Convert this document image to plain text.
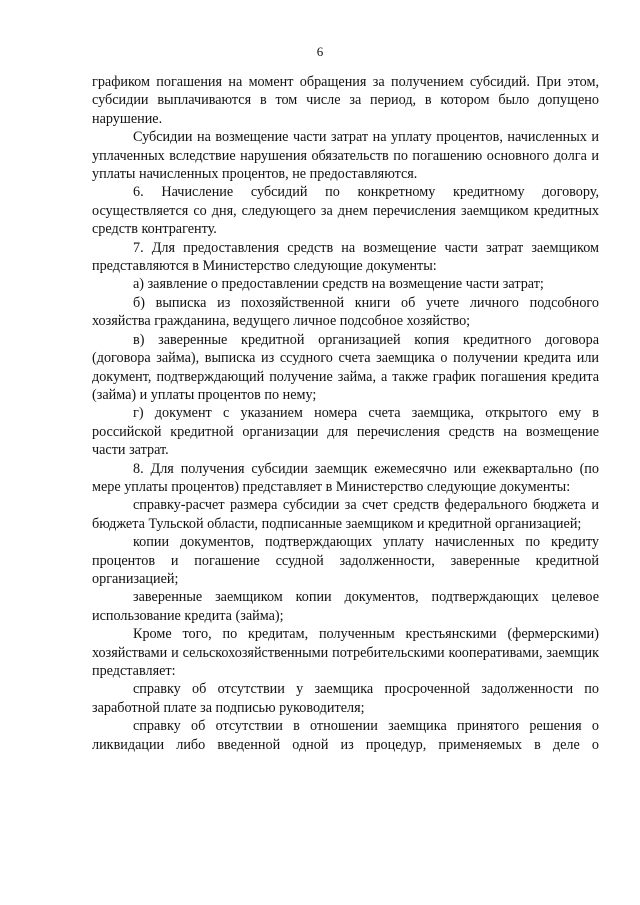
6

графиком погашения на момент обращения за получением субсидий. При этом, субсидии выплачиваются в том числе за период, в котором было допущено нарушение.

Субсидии на возмещение части затрат на уплату процентов, начисленных и уплаченных вследствие нарушения обязательств по погашению основного долга и уплаты начисленных процентов, не предоставляются.

6. Начисление субсидий по конкретному кредитному договору, осуществляется со дня, следующего за днем перечисления заемщиком кредитных средств контрагенту.

7. Для предоставления средств на возмещение части затрат заемщиком представляются в Министерство следующие документы:

а) заявление о предоставлении средств на возмещение части затрат;

б) выписка из похозяйственной книги об учете личного подсобного хозяйства гражданина, ведущего личное подсобное хозяйство;

в) заверенные кредитной организацией копия кредитного договора (договора займа), выписка из ссудного счета заемщика о получении кредита или документ, подтверждающий получение займа, а также график погашения кредита (займа) и уплаты процентов по нему;

г) документ с указанием номера счета заемщика, открытого ему в российской кредитной организации для перечисления средств на возмещение части затрат.

8. Для получения субсидии заемщик ежемесячно или ежеквартально (по мере уплаты процентов) представляет в Министерство следующие документы:

справку-расчет размера субсидии за счет средств федерального бюджета и бюджета Тульской области, подписанные заемщиком и кредитной организацией;

копии документов, подтверждающих уплату начисленных по кредиту процентов и погашение ссудной задолженности, заверенные кредитной организацией;

заверенные заемщиком копии документов, подтверждающих целевое использование кредита (займа);

Кроме того, по кредитам, полученным крестьянскими (фермерскими) хозяйствами и сельскохозяйственными потребительскими кооперативами, заемщик представляет:

справку об отсутствии у заемщика просроченной задолженности по заработной плате за подписью руководителя;

справку об отсутствии в отношении заемщика принятого решения о ликвидации либо введенной одной из процедур, применяемых в деле о
